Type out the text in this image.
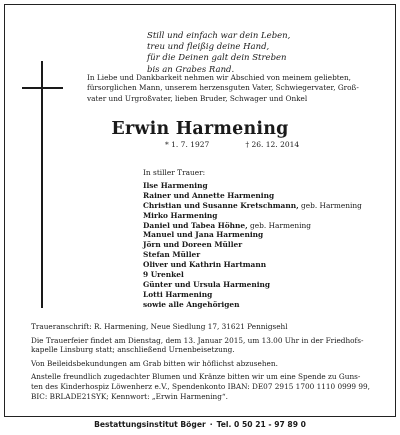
Still und einfach war dein Leben,
treu und fleißig deine Hand,
für die Deinen galt dein Streben
bis an Grabes Rand.
In Liebe und Dankbarkeit nehmen wir Abschied von meinem geliebten,
fürsorglichen Mann, unserem herzensguten Vater, Schwiegervater, Groß-
vater und Urgroßvater, lieben Bruder, Schwager und Onkel
Erwin Harmening
* 1. 7. 1927	† 26. 12. 2014
In stiller Trauer:
Ilse Harmening
Rainer und Annette Harmening
Christian und Susanne Kretschmann, geb. Harmening
Mirko Harmening
Daniel und Tabea Höhne, geb. Harmening
Manuel und Jana Harmening
Jörn und Doreen Müller
Stefan Müller
Oliver und Kathrin Hartmann
9 Urenkel
Günter und Ursula Harmening
Lotti Harmening
sowie alle Angehörigen
Traueranschrift: R. Harmening, Neue Siedlung 17, 31621 Pennigsehl
Die Trauerfeier findet am Dienstag, dem 13. Januar 2015, um 13.00 Uhr in der Friedhofs-
kapelle Linsburg statt; anschließend Urnenbeisetzung.
Von Beileidsbekundungen am Grab bitten wir höflichst abzusehen.
Anstelle freundlich zugedachter Blumen und Kränze bitten wir um eine Spende zu Guns-
ten des Kinderhospiz Löwenherz e.V., Spendenkonto IBAN: DE07 2915 1700 1110 0999 99,
BIC: BRLADE21SYK; Kennwort: „Erwin Harmening“.
Bestattungsinstitut Böger · Tel. 0 50 21 - 97 89 0
